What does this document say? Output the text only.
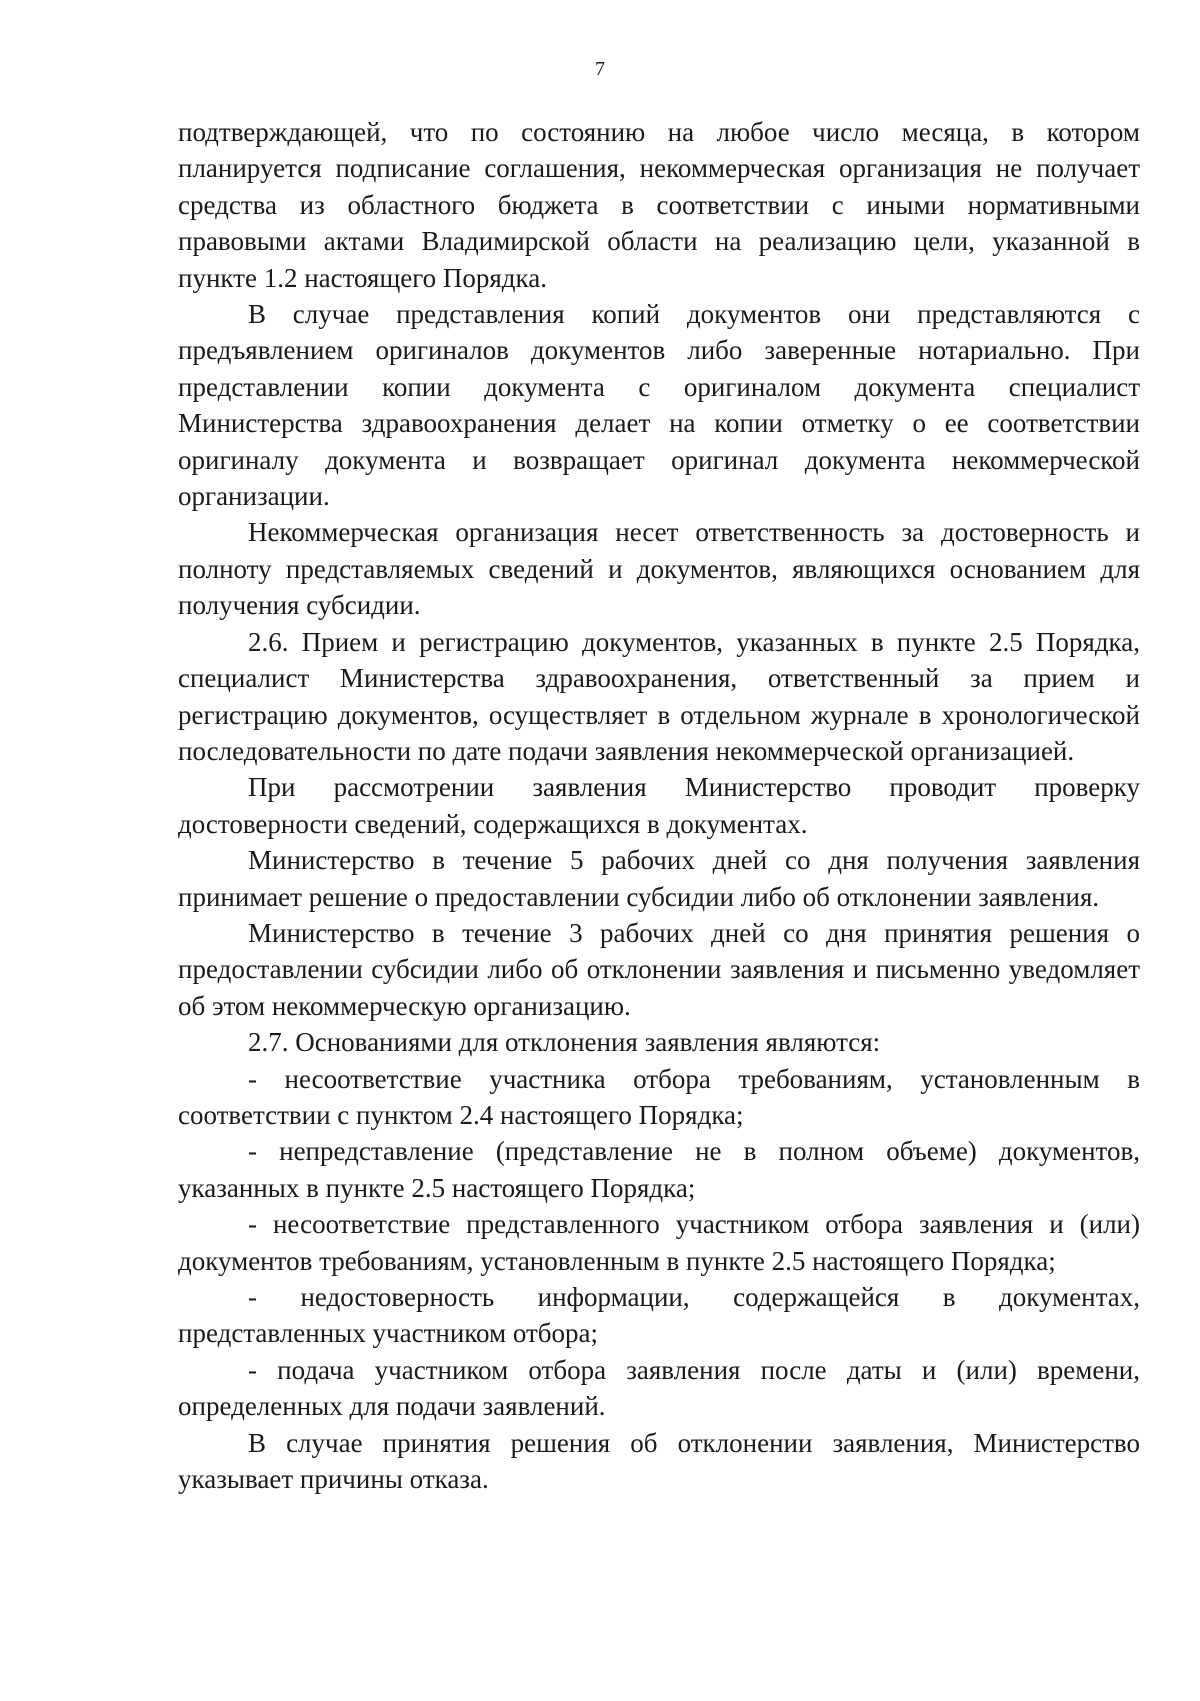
7

подтверждающей, что по состоянию на любое число месяца, в котором планируется подписание соглашения, некоммерческая организация не получает средства из областного бюджета в соответствии с иными нормативными правовыми актами Владимирской области на реализацию цели, указанной в пункте 1.2 настоящего Порядка.

В случае представления копий документов они представляются с предъявлением оригиналов документов либо заверенные нотариально. При представлении копии документа с оригиналом документа специалист Министерства здравоохранения делает на копии отметку о ее соответствии оригиналу документа и возвращает оригинал документа некоммерческой организации.

Некоммерческая организация несет ответственность за достоверность и полноту представляемых сведений и документов, являющихся основанием для получения субсидии.

2.6. Прием и регистрацию документов, указанных в пункте 2.5 Порядка, специалист Министерства здравоохранения, ответственный за прием и регистрацию документов, осуществляет в отдельном журнале в хронологической последовательности по дате подачи заявления некоммерческой организацией.

При рассмотрении заявления Министерство проводит проверку достоверности сведений, содержащихся в документах.

Министерство в течение 5 рабочих дней со дня получения заявления принимает решение о предоставлении субсидии либо об отклонении заявления.

Министерство в течение 3 рабочих дней со дня принятия решения о предоставлении субсидии либо об отклонении заявления и письменно уведомляет об этом некоммерческую организацию.

2.7. Основаниями для отклонения заявления являются:

- несоответствие участника отбора требованиям, установленным в соответствии с пунктом 2.4 настоящего Порядка;

- непредставление (представление не в полном объеме) документов, указанных в пункте 2.5 настоящего Порядка;

- несоответствие представленного участником отбора заявления и (или) документов требованиям, установленным в пункте 2.5 настоящего Порядка;

- недостоверность информации, содержащейся в документах, представленных участником отбора;

- подача участником отбора заявления после даты и (или) времени, определенных для подачи заявлений.

В случае принятия решения об отклонении заявления, Министерство указывает причины отказа.
